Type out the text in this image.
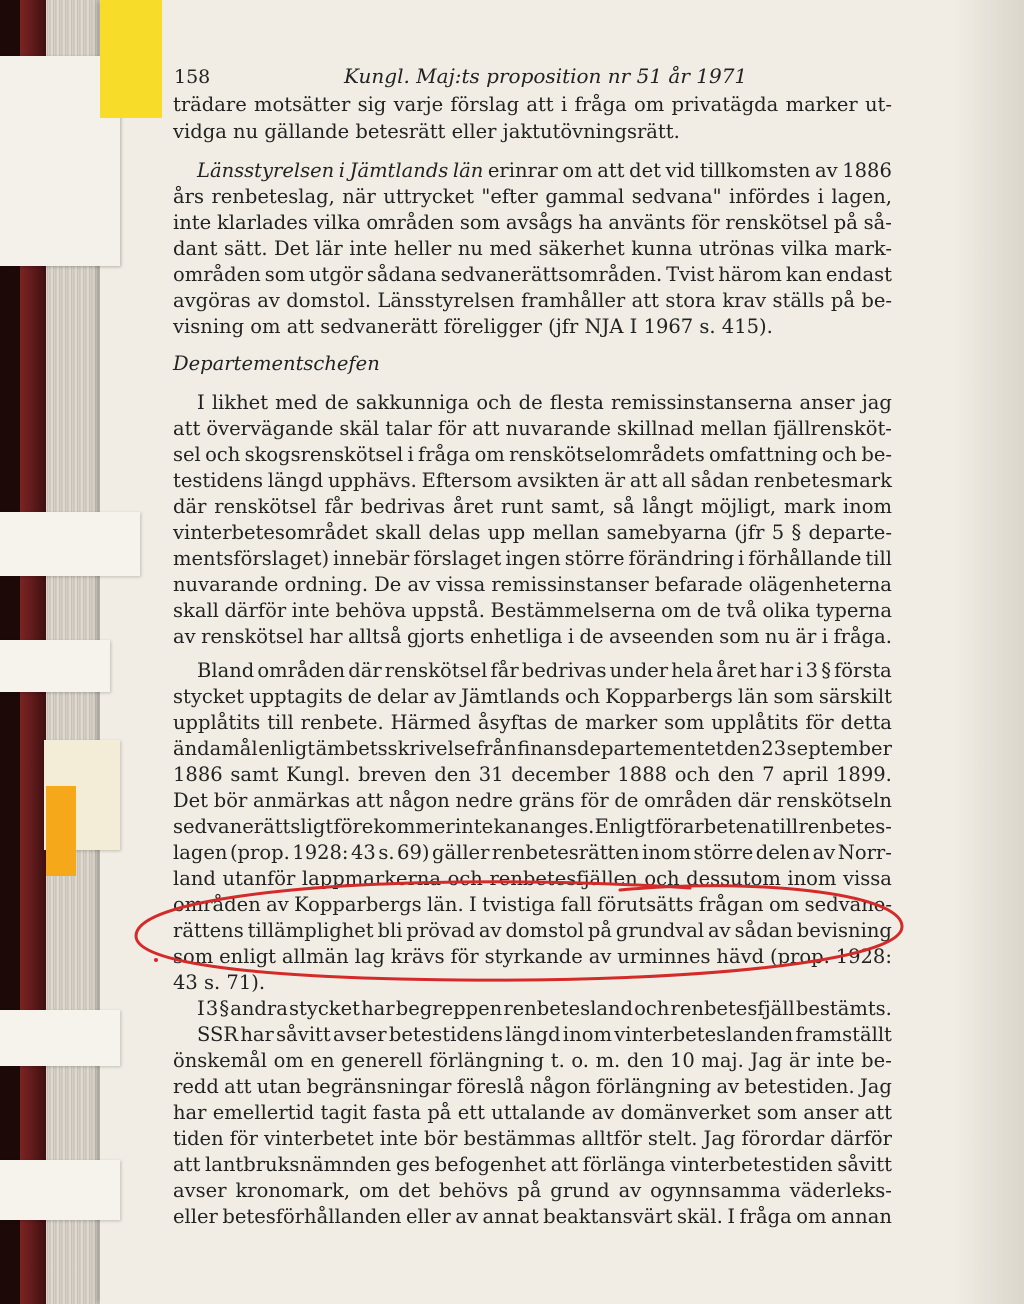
158	Kungl. Maj:ts proposition nr 51 år 1971
Departementschefen
trädare motsätter sig varje förslag att i fråga om privatägda marker ut-
vidga nu gällande betesrätt eller jaktutövningsrätt.
Länsstyrelsen i Jämtlands län erinrar om att det vid tillkomsten av 1886
års renbeteslag, när uttrycket "efter gammal sedvana" infördes i lagen,
inte klarlades vilka områden som avsågs ha använts för renskötsel på så-
dant sätt. Det lär inte heller nu med säkerhet kunna utrönas vilka mark-
områden som utgör sådana sedvanerättsområden. Tvist härom kan endast
avgöras av domstol. Länsstyrelsen framhåller att stora krav ställs på be-
visning om att sedvanerätt föreligger (jfr NJA I 1967 s. 415).
I likhet med de sakkunniga och de flesta remissinstanserna anser jag
att övervägande skäl talar för att nuvarande skillnad mellan fjällrensköt-
sel och skogsrenskötsel i fråga om renskötselområdets omfattning och be-
testidens längd upphävs. Eftersom avsikten är att all sådan renbetesmark
där renskötsel får bedrivas året runt samt, så långt möjligt, mark inom
vinterbetesområdet skall delas upp mellan samebyarna (jfr 5 § departe-
mentsförslaget) innebär förslaget ingen större förändring i förhållande till
nuvarande ordning. De av vissa remissinstanser befarade olägenheterna
skall därför inte behöva uppstå. Bestämmelserna om de två olika typerna
av renskötsel har alltså gjorts enhetliga i de avseenden som nu är i fråga.
Bland områden där renskötsel får bedrivas under hela året har i 3 § första
stycket upptagits de delar av Jämtlands och Kopparbergs län som särskilt
upplåtits till renbete. Härmed åsyftas de marker som upplåtits för detta
ändamål enligt ämbetsskrivelse från finansdepartementet den 23 september
1886 samt Kungl. breven den 31 december 1888 och den 7 april 1899.
Det bör anmärkas att någon nedre gräns för de områden där renskötseln
sedvanerättsligt förekommer inte kan anges. Enligt förarbetena till renbetes-
lagen (prop. 1928: 43 s. 69) gäller renbetesrätten inom större delen av Norr-
land utanför lappmarkerna och renbetesfjällen och dessutom inom vissa
områden av Kopparbergs län. I tvistiga fall förutsätts frågan om sedvane-
rättens tillämplighet bli prövad av domstol på grundval av sådan bevisning
som enligt allmän lag krävs för styrkande av urminnes hävd (prop. 1928:
43 s. 71).
I 3 § andra stycket har begreppen renbetesland och renbetesfjäll bestämts.
SSR har såvitt avser betestidens längd inom vinterbeteslanden framställt
önskemål om en generell förlängning t. o. m. den 10 maj. Jag är inte be-
redd att utan begränsningar föreslå någon förlängning av betestiden. Jag
har emellertid tagit fasta på ett uttalande av domänverket som anser att
tiden för vinterbetet inte bör bestämmas alltför stelt. Jag förordar därför
att lantbruksnämnden ges befogenhet att förlänga vinterbetestiden såvitt
avser kronomark, om det behövs på grund av ogynnsamma väderleks-
eller betesförhållanden eller av annat beaktansvärt skäl. I fråga om annan
